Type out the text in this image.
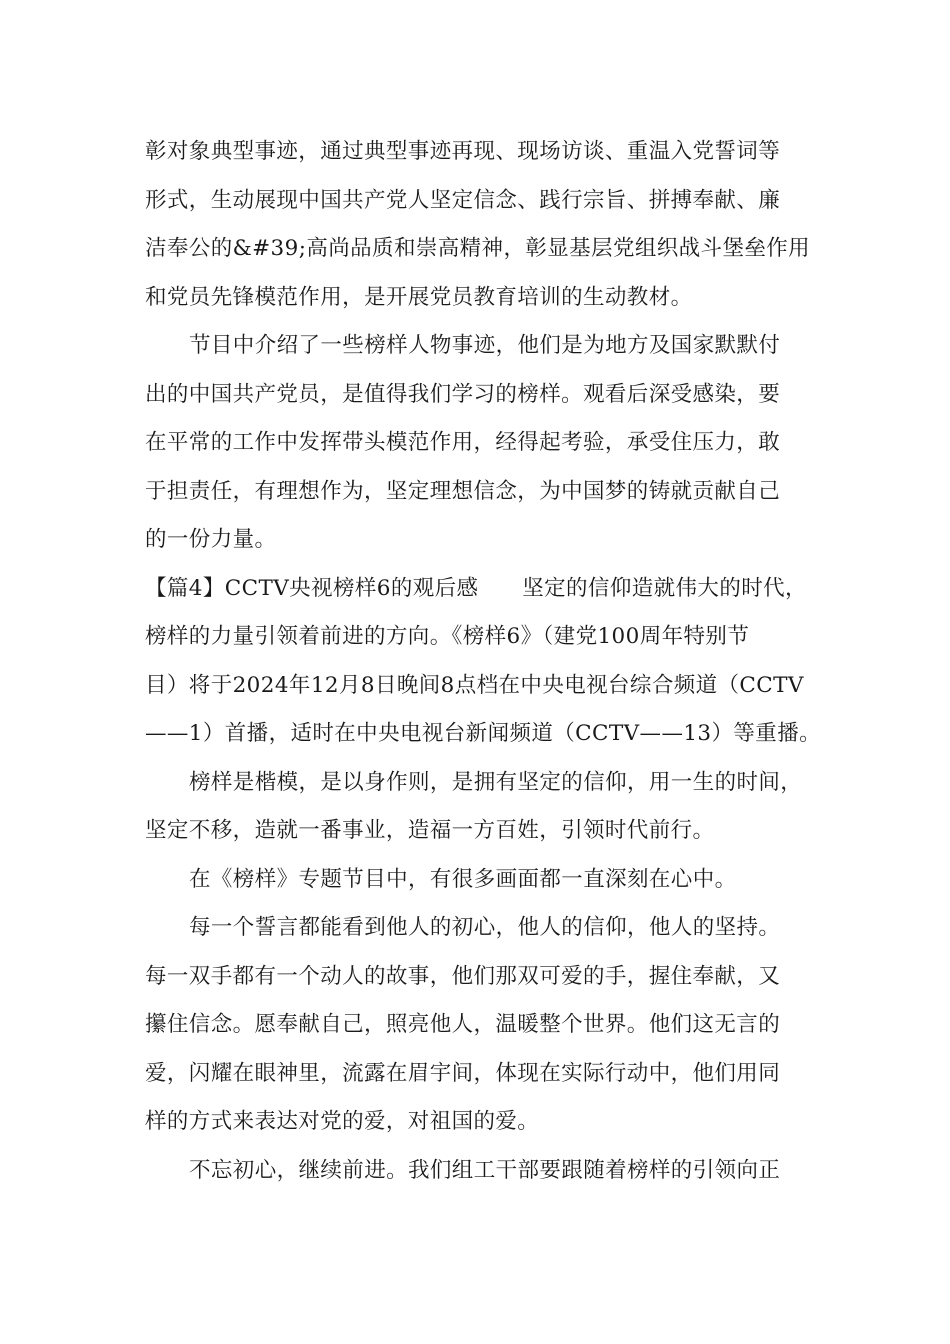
彰对象典型事迹，通过典型事迹再现、现场访谈、重温入党誓词等
形式，生动展现中国共产党人坚定信念、践行宗旨、拼搏奉献、廉
洁奉公的&#39;高尚品质和崇高精神，彰显基层党组织战斗堡垒作用
和党员先锋模范作用，是开展党员教育培训的生动教材。
节目中介绍了一些榜样人物事迹，他们是为地方及国家默默付
出的中国共产党员，是值得我们学习的榜样。观看后深受感染，要
在平常的工作中发挥带头模范作用，经得起考验，承受住压力，敢
于担责任，有理想作为，坚定理想信念，为中国梦的铸就贡献自己
的一份力量。
【篇4】CCTV央视榜样6的观后感　　坚定的信仰造就伟大的时代，
榜样的力量引领着前进的方向。《榜样6》（建党100周年特别节
目）将于2024年12月8日晚间8点档在中央电视台综合频道（CCTV
——1）首播，适时在中央电视台新闻频道（CCTV——13）等重播。
榜样是楷模，是以身作则，是拥有坚定的信仰，用一生的时间，
坚定不移，造就一番事业，造福一方百姓，引领时代前行。
在《榜样》专题节目中，有很多画面都一直深刻在心中。
每一个誓言都能看到他人的初心，他人的信仰，他人的坚持。
每一双手都有一个动人的故事，他们那双可爱的手，握住奉献，又
攥住信念。愿奉献自己，照亮他人，温暖整个世界。他们这无言的
爱，闪耀在眼神里，流露在眉宇间，体现在实际行动中，他们用同
样的方式来表达对党的爱，对祖国的爱。
不忘初心，继续前进。我们组工干部要跟随着榜样的引领向正
